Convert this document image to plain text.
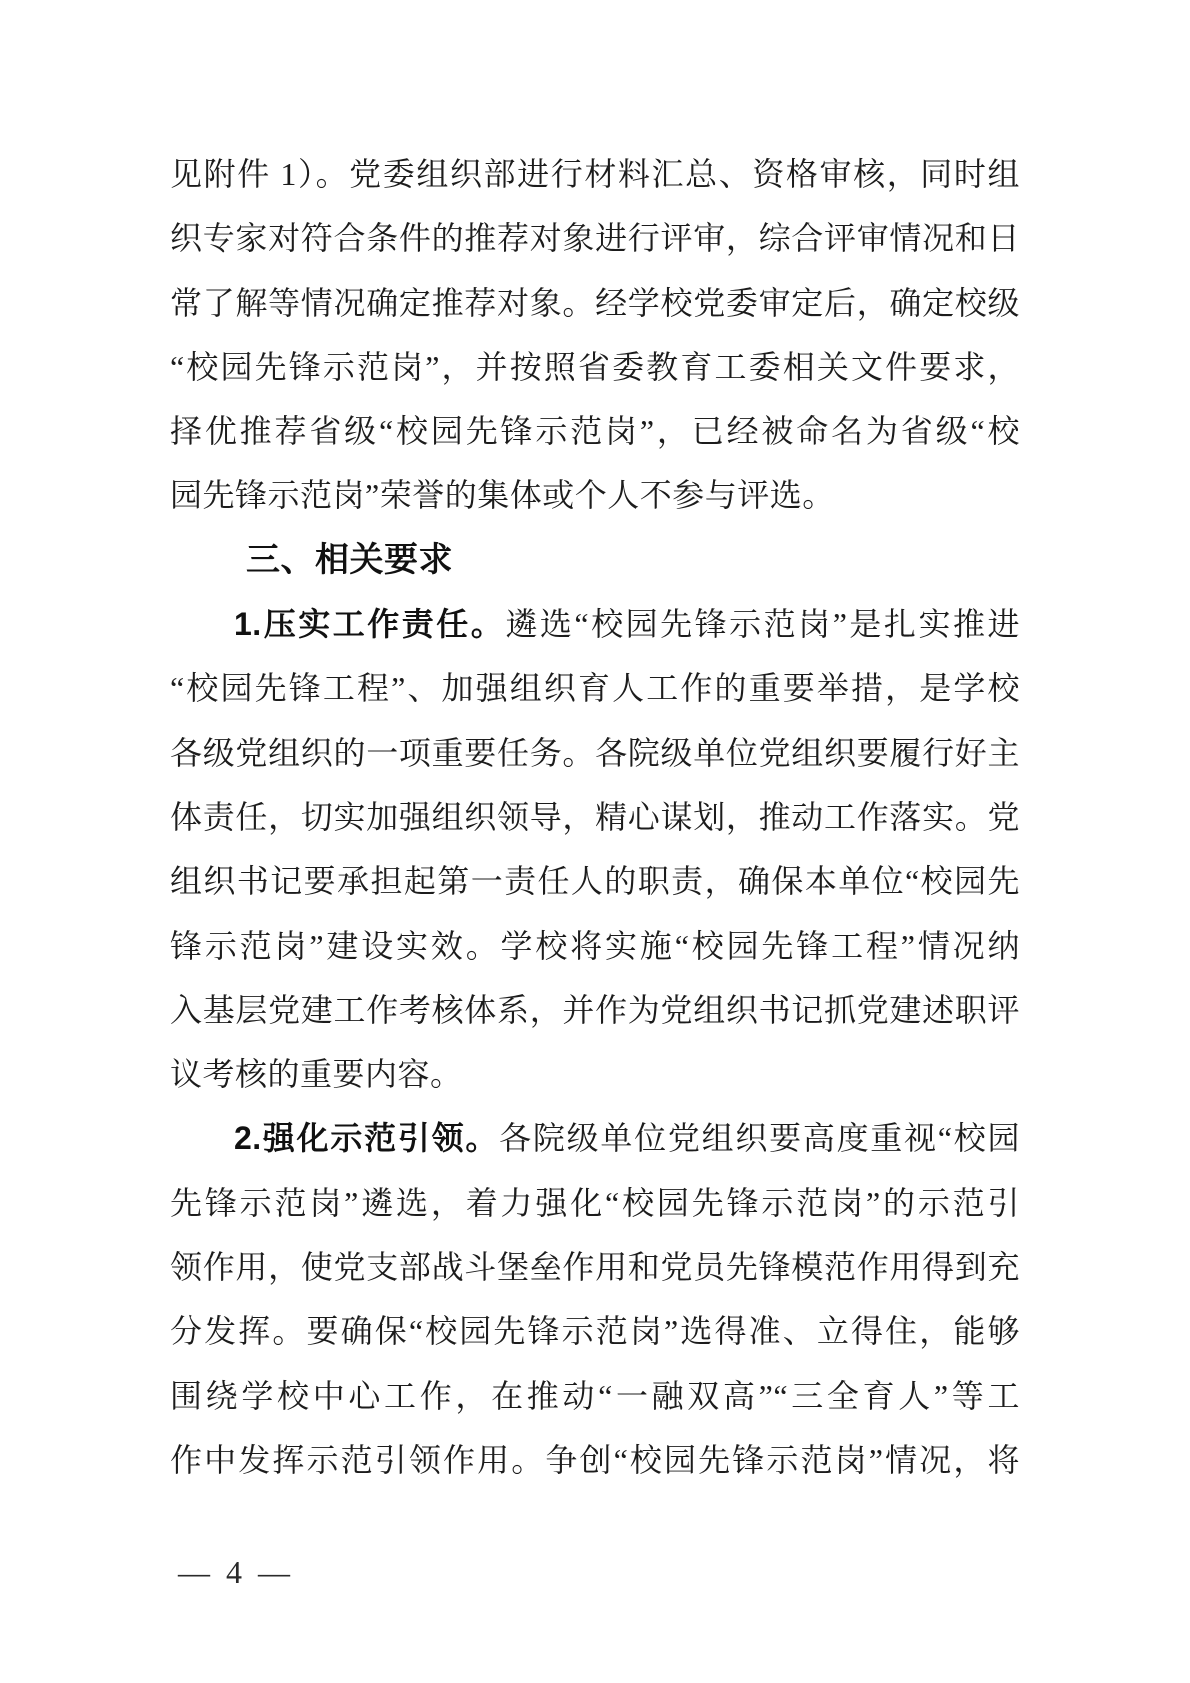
见附件 1）。党委组织部进行材料汇总、资格审核，同时组
织专家对符合条件的推荐对象进行评审，综合评审情况和日
常了解等情况确定推荐对象。经学校党委审定后，确定校级
“校园先锋示范岗”，并按照省委教育工委相关文件要求，
择优推荐省级“校园先锋示范岗”，已经被命名为省级“校
园先锋示范岗”荣誉的集体或个人不参与评选。
三、相关要求
1.压实工作责任。遴选“校园先锋示范岗”是扎实推进
“校园先锋工程”、加强组织育人工作的重要举措，是学校
各级党组织的一项重要任务。各院级单位党组织要履行好主
体责任，切实加强组织领导，精心谋划，推动工作落实。党
组织书记要承担起第一责任人的职责，确保本单位“校园先
锋示范岗”建设实效。学校将实施“校园先锋工程”情况纳
入基层党建工作考核体系，并作为党组织书记抓党建述职评
议考核的重要内容。
2.强化示范引领。各院级单位党组织要高度重视“校园
先锋示范岗”遴选，着力强化“校园先锋示范岗”的示范引
领作用，使党支部战斗堡垒作用和党员先锋模范作用得到充
分发挥。要确保“校园先锋示范岗”选得准、立得住，能够
围绕学校中心工作，在推动“一融双高”“三全育人”等工
作中发挥示范引领作用。争创“校园先锋示范岗”情况，将
— 4 —
